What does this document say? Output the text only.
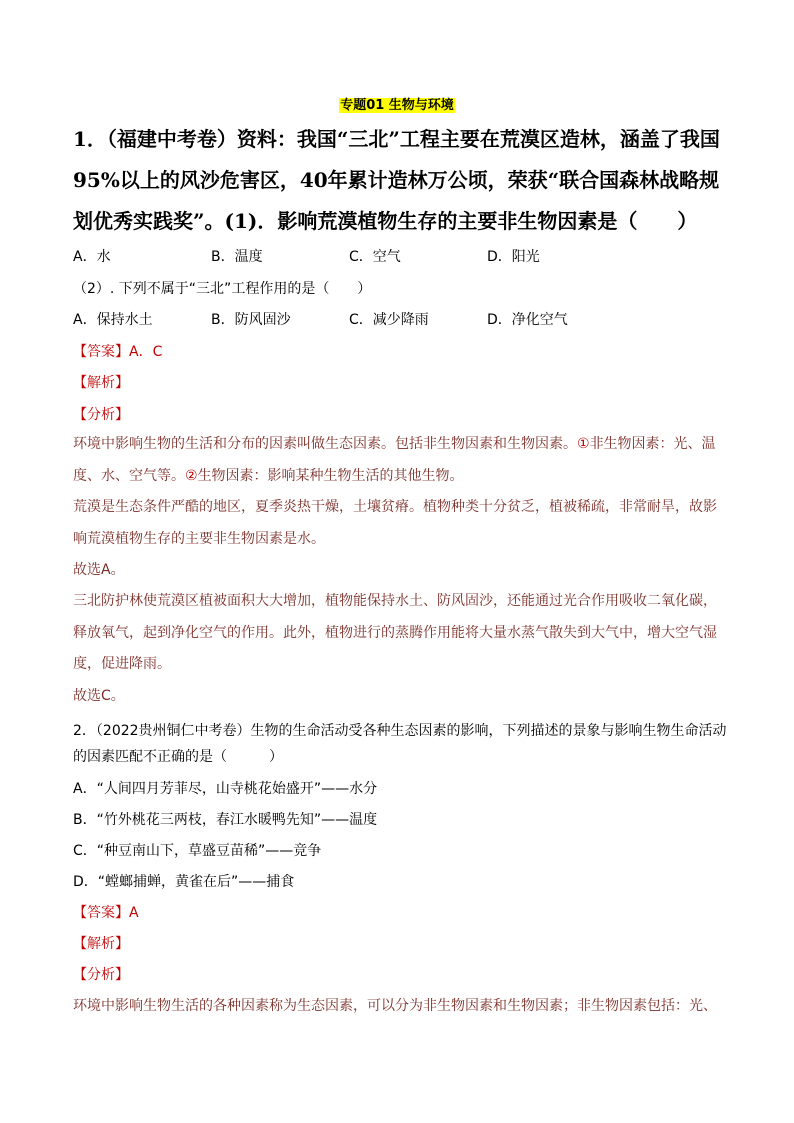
专题01 生物与环境
1．（福建中考卷）资料：我国“三北”工程主要在荒漠区造林，涵盖了我国95%以上的风沙危害区，40年累计造林万公顷，荣获“联合国森林战略规划优秀实践奖”。(1)．影响荒漠植物生存的主要非生物因素是（　　）
A．水	B．温度	C．空气	D．阳光
（2）. 下列不属于“三北”工程作用的是（　　）
A．保持水土	B．防风固沙	C．减少降雨	D．净化空气
【答案】A．C
【解析】
【分析】
环境中影响生物的生活和分布的因素叫做生态因素。包括非生物因素和生物因素。①非生物因素：光、温度、水、空气等。②生物因素：影响某种生物生活的其他生物。
荒漠是生态条件严酷的地区，夏季炎热干燥，土壤贫瘠。植物种类十分贫乏，植被稀疏，非常耐旱，故影响荒漠植物生存的主要非生物因素是水。
故选A。
三北防护林使荒漠区植被面积大大增加，植物能保持水土、防风固沙，还能通过光合作用吸收二氧化碳，释放氧气，起到净化空气的作用。此外，植物进行的蒸腾作用能将大量水蒸气散失到大气中，增大空气湿度，促进降雨。
故选C。
2．（2022贵州铜仁中考卷）生物的生命活动受各种生态因素的影响，下列描述的景象与影响生物生命活动
的因素匹配不正确的是（　　　）
A．“人间四月芳菲尽，山寺桃花始盛开”——水分
B．“竹外桃花三两枝，春江水暖鸭先知”——温度
C．“种豆南山下，草盛豆苗稀”——竞争
D．“螳螂捕蝉，黄雀在后”——捕食
【答案】A
【解析】
【分析】
环境中影响生物生活的各种因素称为生态因素，可以分为非生物因素和生物因素；非生物因素包括：光、
